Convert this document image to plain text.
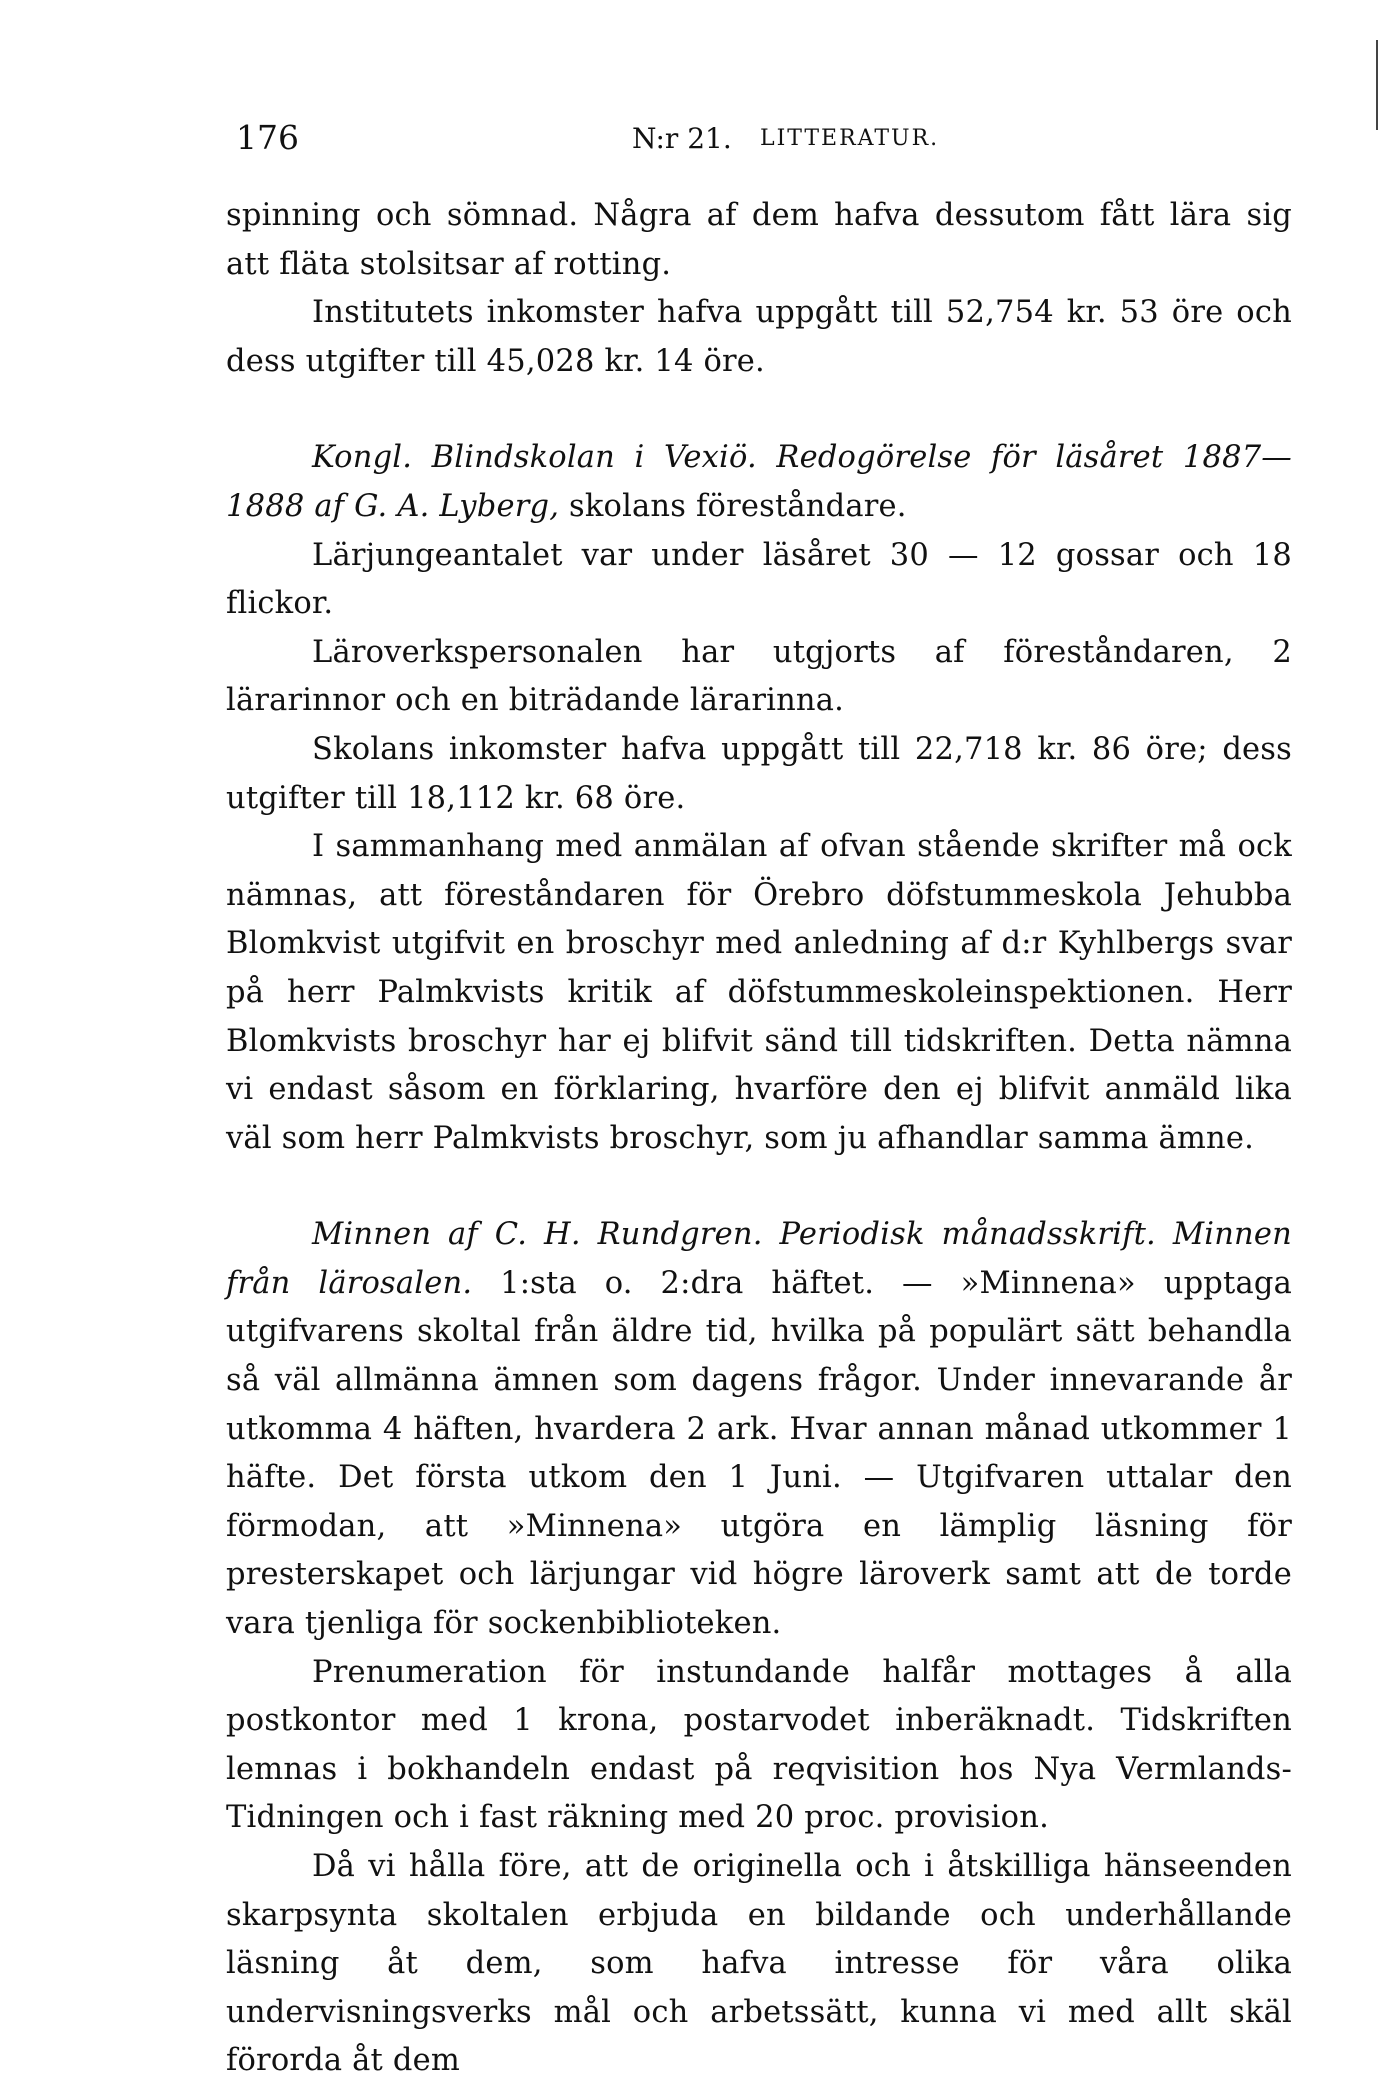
176	N:r 21. LITTERATUR.

spinning och sömnad. Några af dem hafva dessutom fått lära sig att fläta stolsitsar af rotting.

Institutets inkomster hafva uppgått till 52,754 kr. 53 öre och dess utgifter till 45,028 kr. 14 öre.

Kongl. Blindskolan i Vexiö. Redogörelse för läsåret 1887—1888 af G. A. Lyberg, skolans föreståndare.

Lärjungeantalet var under läsåret 30 — 12 gossar och 18 flickor.

Läroverkspersonalen har utgjorts af föreståndaren, 2 lärarinnor och en biträdande lärarinna.

Skolans inkomster hafva uppgått till 22,718 kr. 86 öre; dess utgifter till 18,112 kr. 68 öre.

I sammanhang med anmälan af ofvan stående skrifter må ock nämnas, att föreståndaren för Örebro döfstummeskola Jehubba Blomkvist utgifvit en broschyr med anledning af d:r Kyhlbergs svar på herr Palmkvists kritik af döfstummeskoleinspektionen. Herr Blomkvists broschyr har ej blifvit sänd till tidskriften. Detta nämna vi endast såsom en förklaring, hvarföre den ej blifvit anmäld lika väl som herr Palmkvists broschyr, som ju afhandlar samma ämne.

Minnen af C. H. Rundgren. Periodisk månadsskrift. Minnen från lärosalen. 1:sta o. 2:dra häftet. — »Minnena» upptaga utgifvarens skoltal från äldre tid, hvilka på populärt sätt behandla så väl allmänna ämnen som dagens frågor. Under innevarande år utkomma 4 häften, hvardera 2 ark. Hvar annan månad utkommer 1 häfte. Det första utkom den 1 Juni. — Utgifvaren uttalar den förmodan, att »Minnena» utgöra en lämplig läsning för presterskapet och lärjungar vid högre läroverk samt att de torde vara tjenliga för sockenbiblioteken.

Prenumeration för instundande halfår mottages å alla postkontor med 1 krona, postarvodet inberäknadt. Tidskriften lemnas i bokhandeln endast på reqvisition hos Nya Vermlands-Tidningen och i fast räkning med 20 proc. provision.

Då vi hålla före, att de originella och i åtskilliga hänseenden skarpsynta skoltalen erbjuda en bildande och underhållande läsning åt dem, som hafva intresse för våra olika undervisningsverks mål och arbetssätt, kunna vi med allt skäl förorda åt dem
